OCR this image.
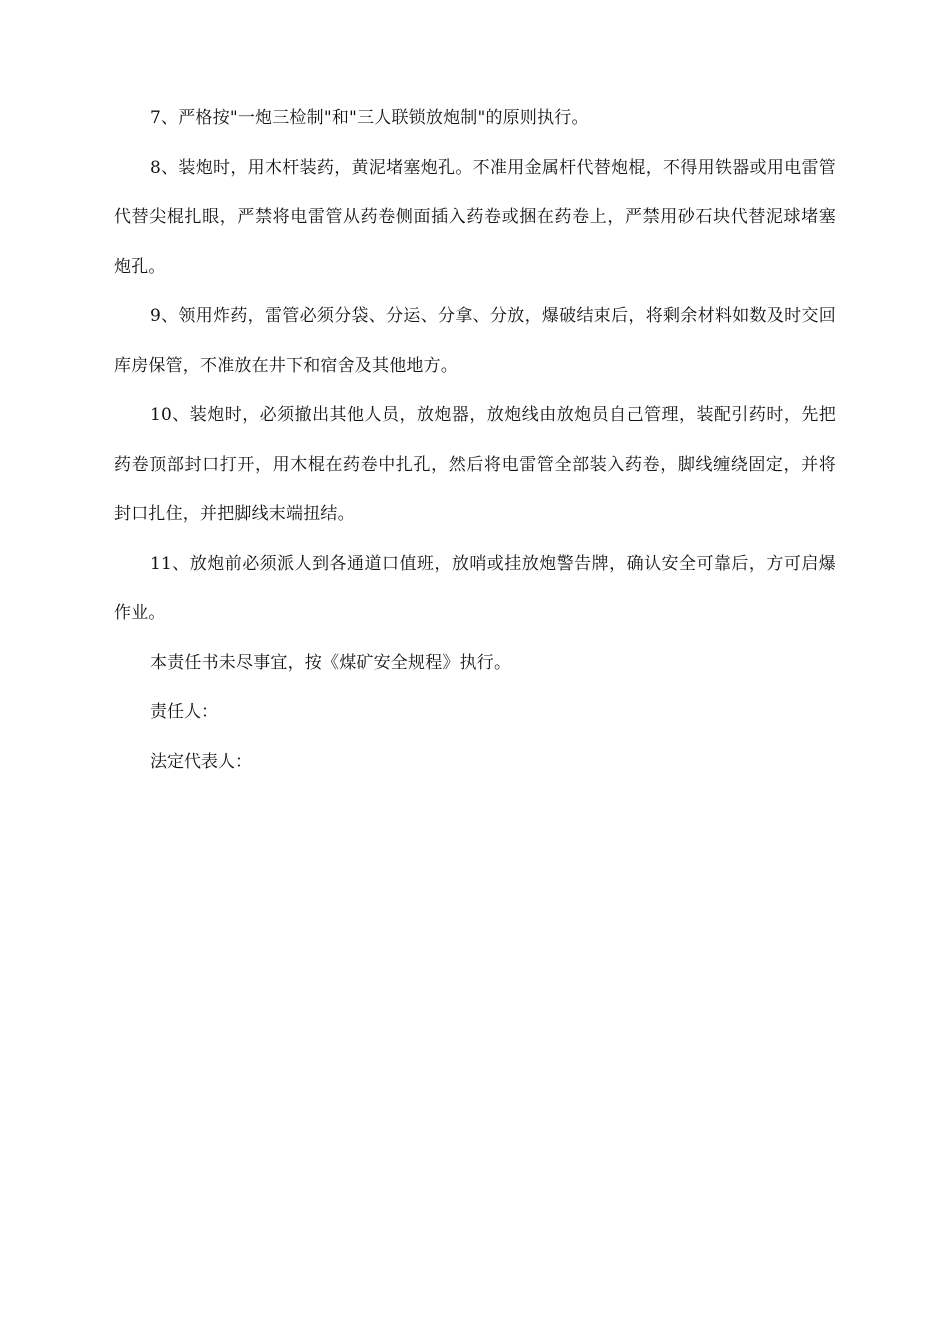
7、严格按"一炮三检制"和"三人联锁放炮制"的原则执行。

8、装炮时，用木杆装药，黄泥堵塞炮孔。不准用金属杆代替炮棍，不得用铁器或用电雷管代替尖棍扎眼，严禁将电雷管从药卷侧面插入药卷或捆在药卷上，严禁用砂石块代替泥球堵塞炮孔。

9、领用炸药，雷管必须分袋、分运、分拿、分放，爆破结束后，将剩余材料如数及时交回库房保管，不准放在井下和宿舍及其他地方。

10、装炮时，必须撤出其他人员，放炮器，放炮线由放炮员自己管理，装配引药时，先把药卷顶部封口打开，用木棍在药卷中扎孔，然后将电雷管全部装入药卷，脚线缠绕固定，并将封口扎住，并把脚线末端扭结。

11、放炮前必须派人到各通道口值班，放哨或挂放炮警告牌，确认安全可靠后，方可启爆作业。

本责任书未尽事宜，按《煤矿安全规程》执行。

责任人：

法定代表人：
